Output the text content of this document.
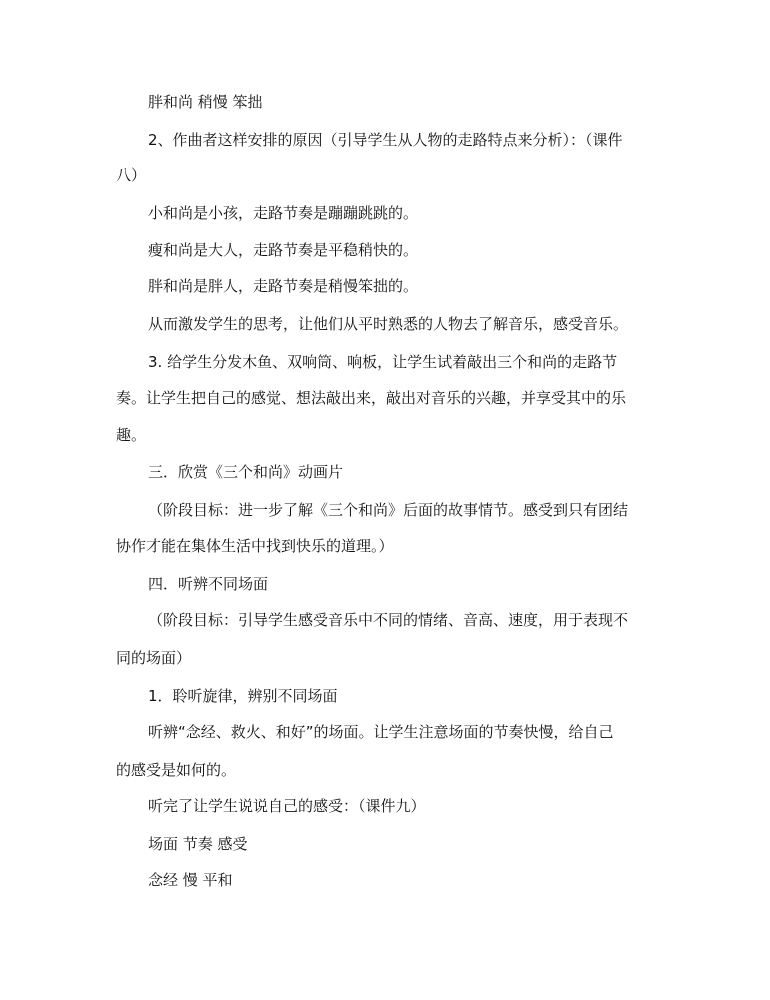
胖和尚 稍慢 笨拙

2、作曲者这样安排的原因（引导学生从人物的走路特点来分析）：（课件

八）

小和尚是小孩，走路节奏是蹦蹦跳跳的。

瘦和尚是大人，走路节奏是平稳稍快的。

胖和尚是胖人，走路节奏是稍慢笨拙的。

从而激发学生的思考，让他们从平时熟悉的人物去了解音乐，感受音乐。

3. 给学生分发木鱼、双响筒、响板，让学生试着敲出三个和尚的走路节

奏。让学生把自己的感觉、想法敲出来，敲出对音乐的兴趣，并享受其中的乐

趣。

三．欣赏《三个和尚》动画片

（阶段目标：进一步了解《三个和尚》后面的故事情节。感受到只有团结

协作才能在集体生活中找到快乐的道理。）

四．听辨不同场面

（阶段目标：引导学生感受音乐中不同的情绪、音高、速度，用于表现不

同的场面）

1．聆听旋律，辨别不同场面

听辨“念经、救火、和好”的场面。让学生注意场面的节奏快慢，给自己

的感受是如何的。

听完了让学生说说自己的感受：（课件九）

场面 节奏 感受

念经 慢 平和
